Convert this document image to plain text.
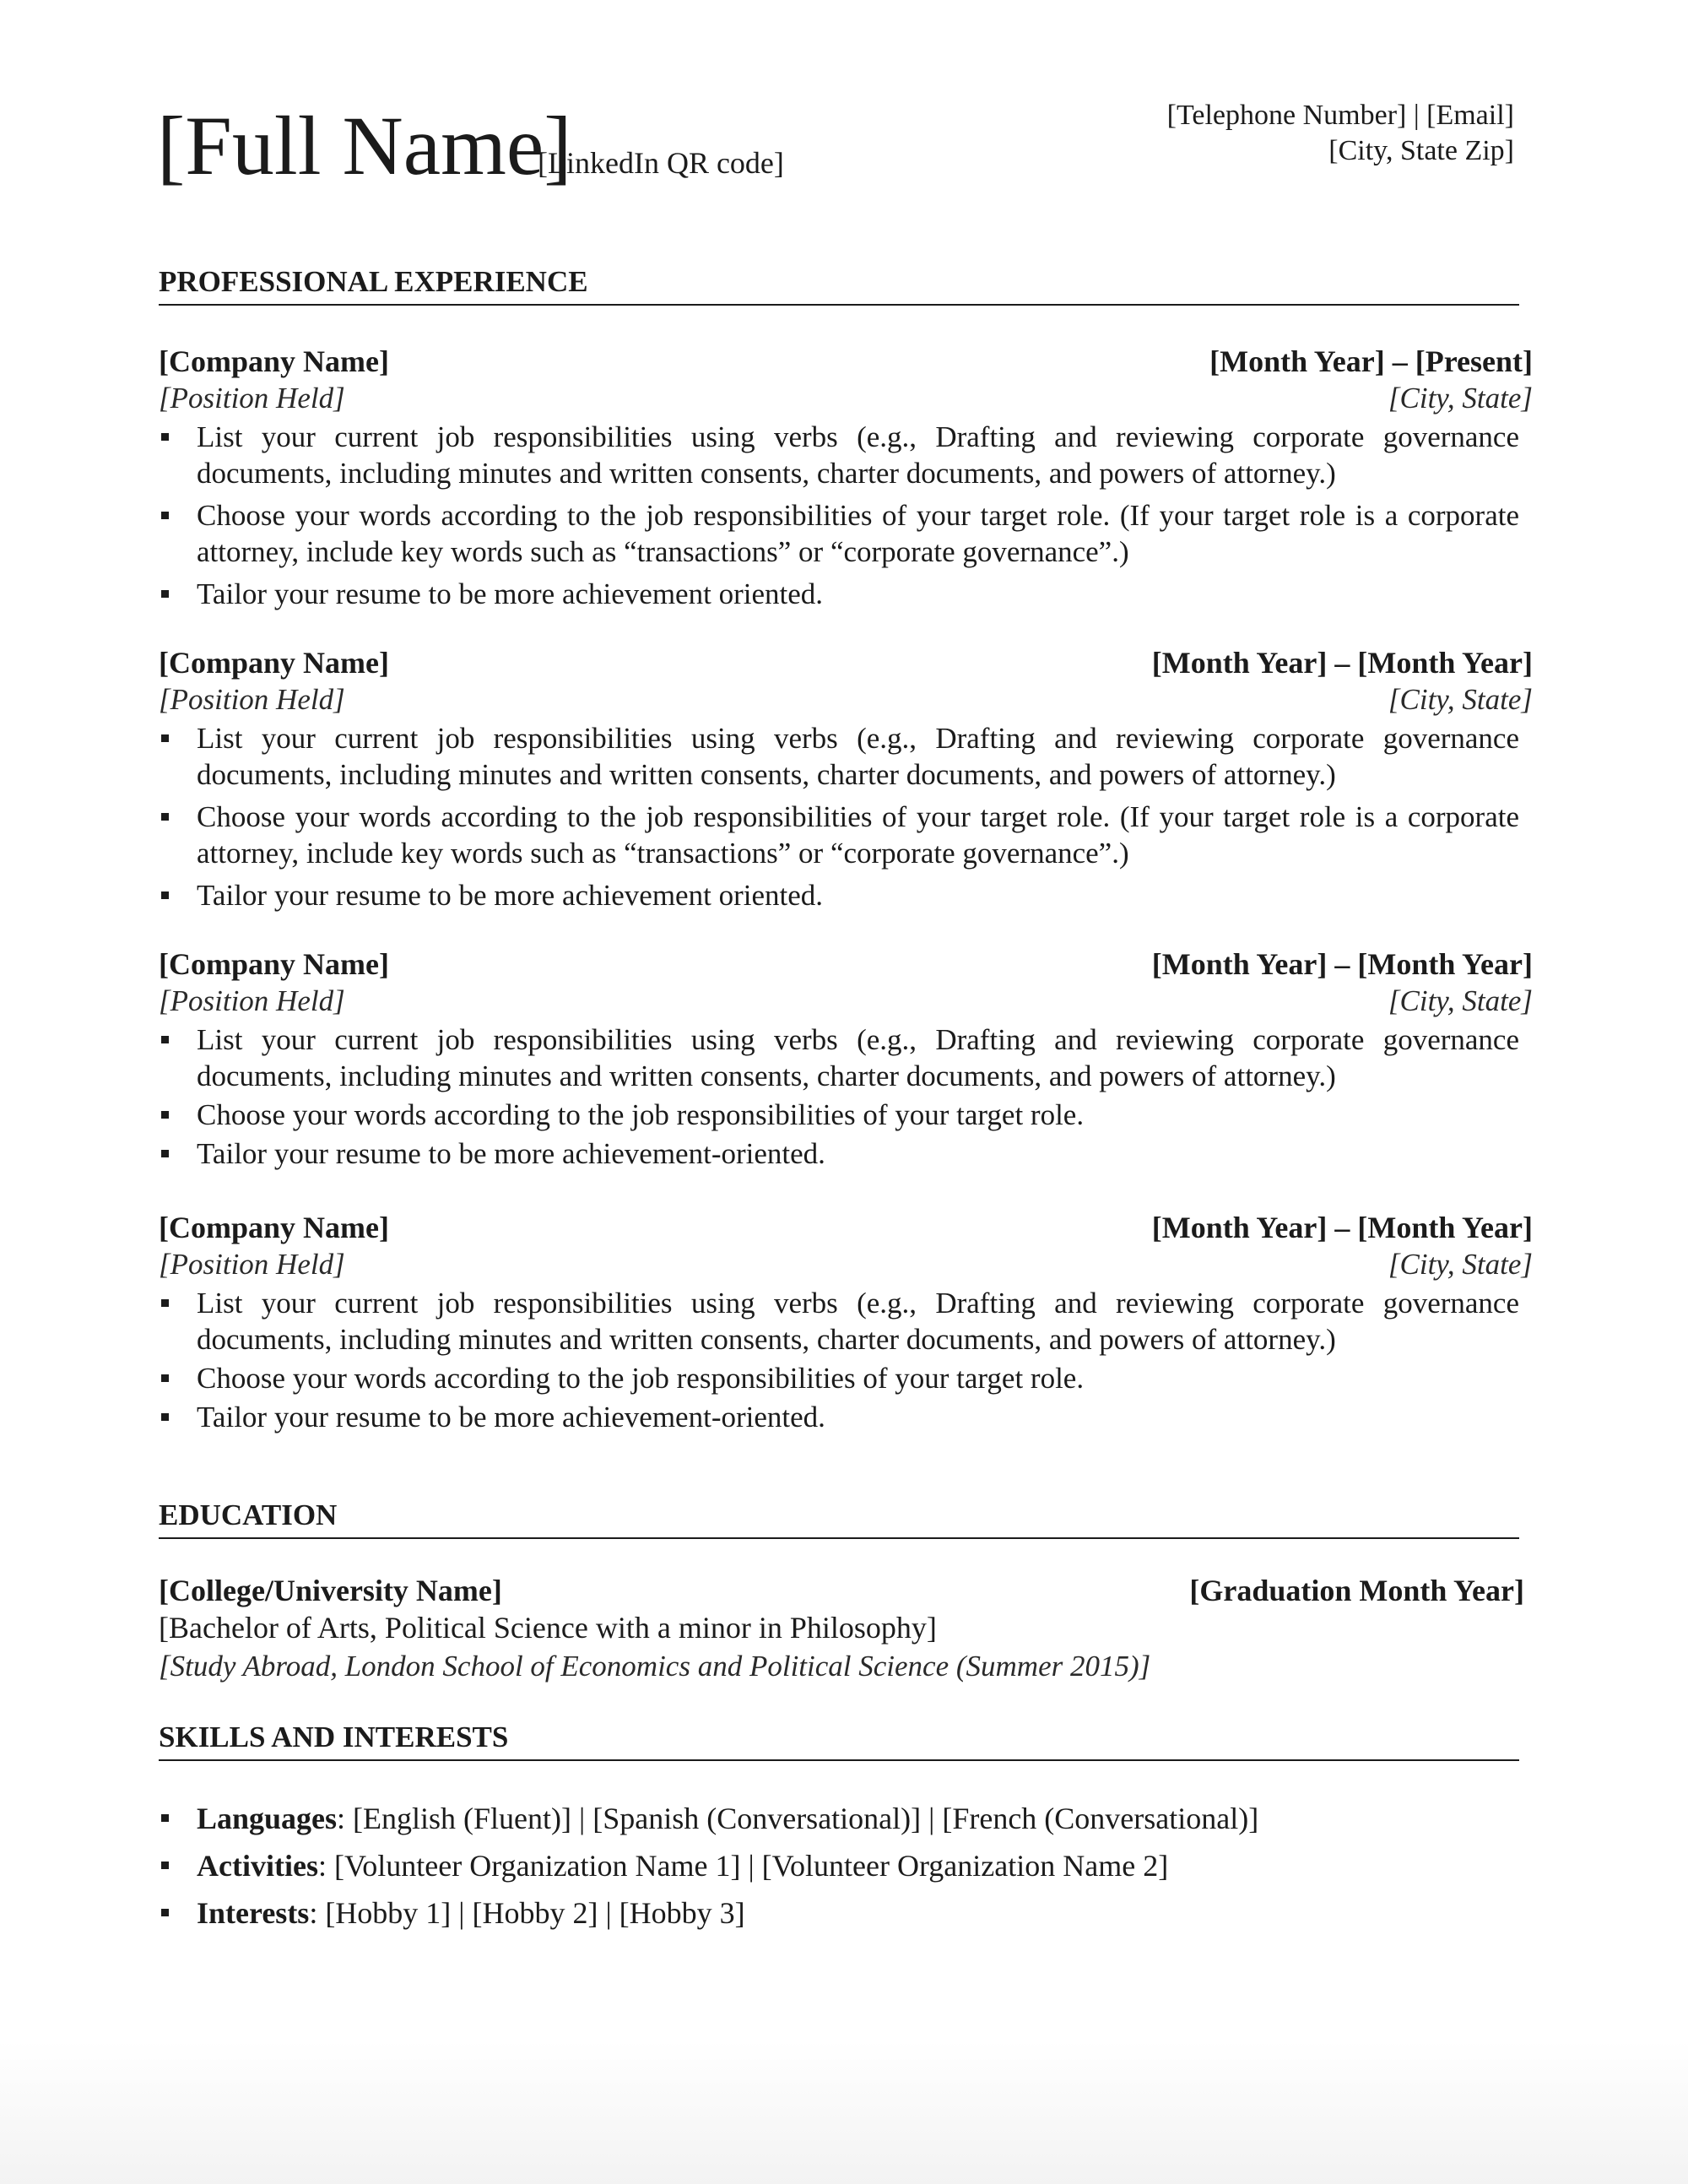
[Full Name]
[LinkedIn QR code]
[Telephone Number] | [Email]
[City, State Zip]
PROFESSIONAL EXPERIENCE
[Company Name]	[Month Year] – [Present]
[Position Held]	[City, State]
List your current job responsibilities using verbs (e.g., Drafting and reviewing corporate governance documents, including minutes and written consents, charter documents, and powers of attorney.)
Choose your words according to the job responsibilities of your target role. (If your target role is a corporate attorney, include key words such as “transactions” or “corporate governance”.)
Tailor your resume to be more achievement oriented.
[Company Name]	[Month Year] – [Month Year]
[Position Held]	[City, State]
List your current job responsibilities using verbs (e.g., Drafting and reviewing corporate governance documents, including minutes and written consents, charter documents, and powers of attorney.)
Choose your words according to the job responsibilities of your target role. (If your target role is a corporate attorney, include key words such as “transactions” or “corporate governance”.)
Tailor your resume to be more achievement oriented.
[Company Name]	[Month Year] – [Month Year]
[Position Held]	[City, State]
List your current job responsibilities using verbs (e.g., Drafting and reviewing corporate governance documents, including minutes and written consents, charter documents, and powers of attorney.)
Choose your words according to the job responsibilities of your target role.
Tailor your resume to be more achievement-oriented.
[Company Name]	[Month Year] – [Month Year]
[Position Held]	[City, State]
List your current job responsibilities using verbs (e.g., Drafting and reviewing corporate governance documents, including minutes and written consents, charter documents, and powers of attorney.)
Choose your words according to the job responsibilities of your target role.
Tailor your resume to be more achievement-oriented.
EDUCATION
[College/University Name]	[Graduation Month Year]
[Bachelor of Arts, Political Science with a minor in Philosophy]
[Study Abroad, London School of Economics and Political Science (Summer 2015)]
SKILLS AND INTERESTS
Languages: [English (Fluent)] | [Spanish (Conversational)] | [French (Conversational)]
Activities: [Volunteer Organization Name 1] | [Volunteer Organization Name 2]
Interests: [Hobby 1] | [Hobby 2] | [Hobby 3]
